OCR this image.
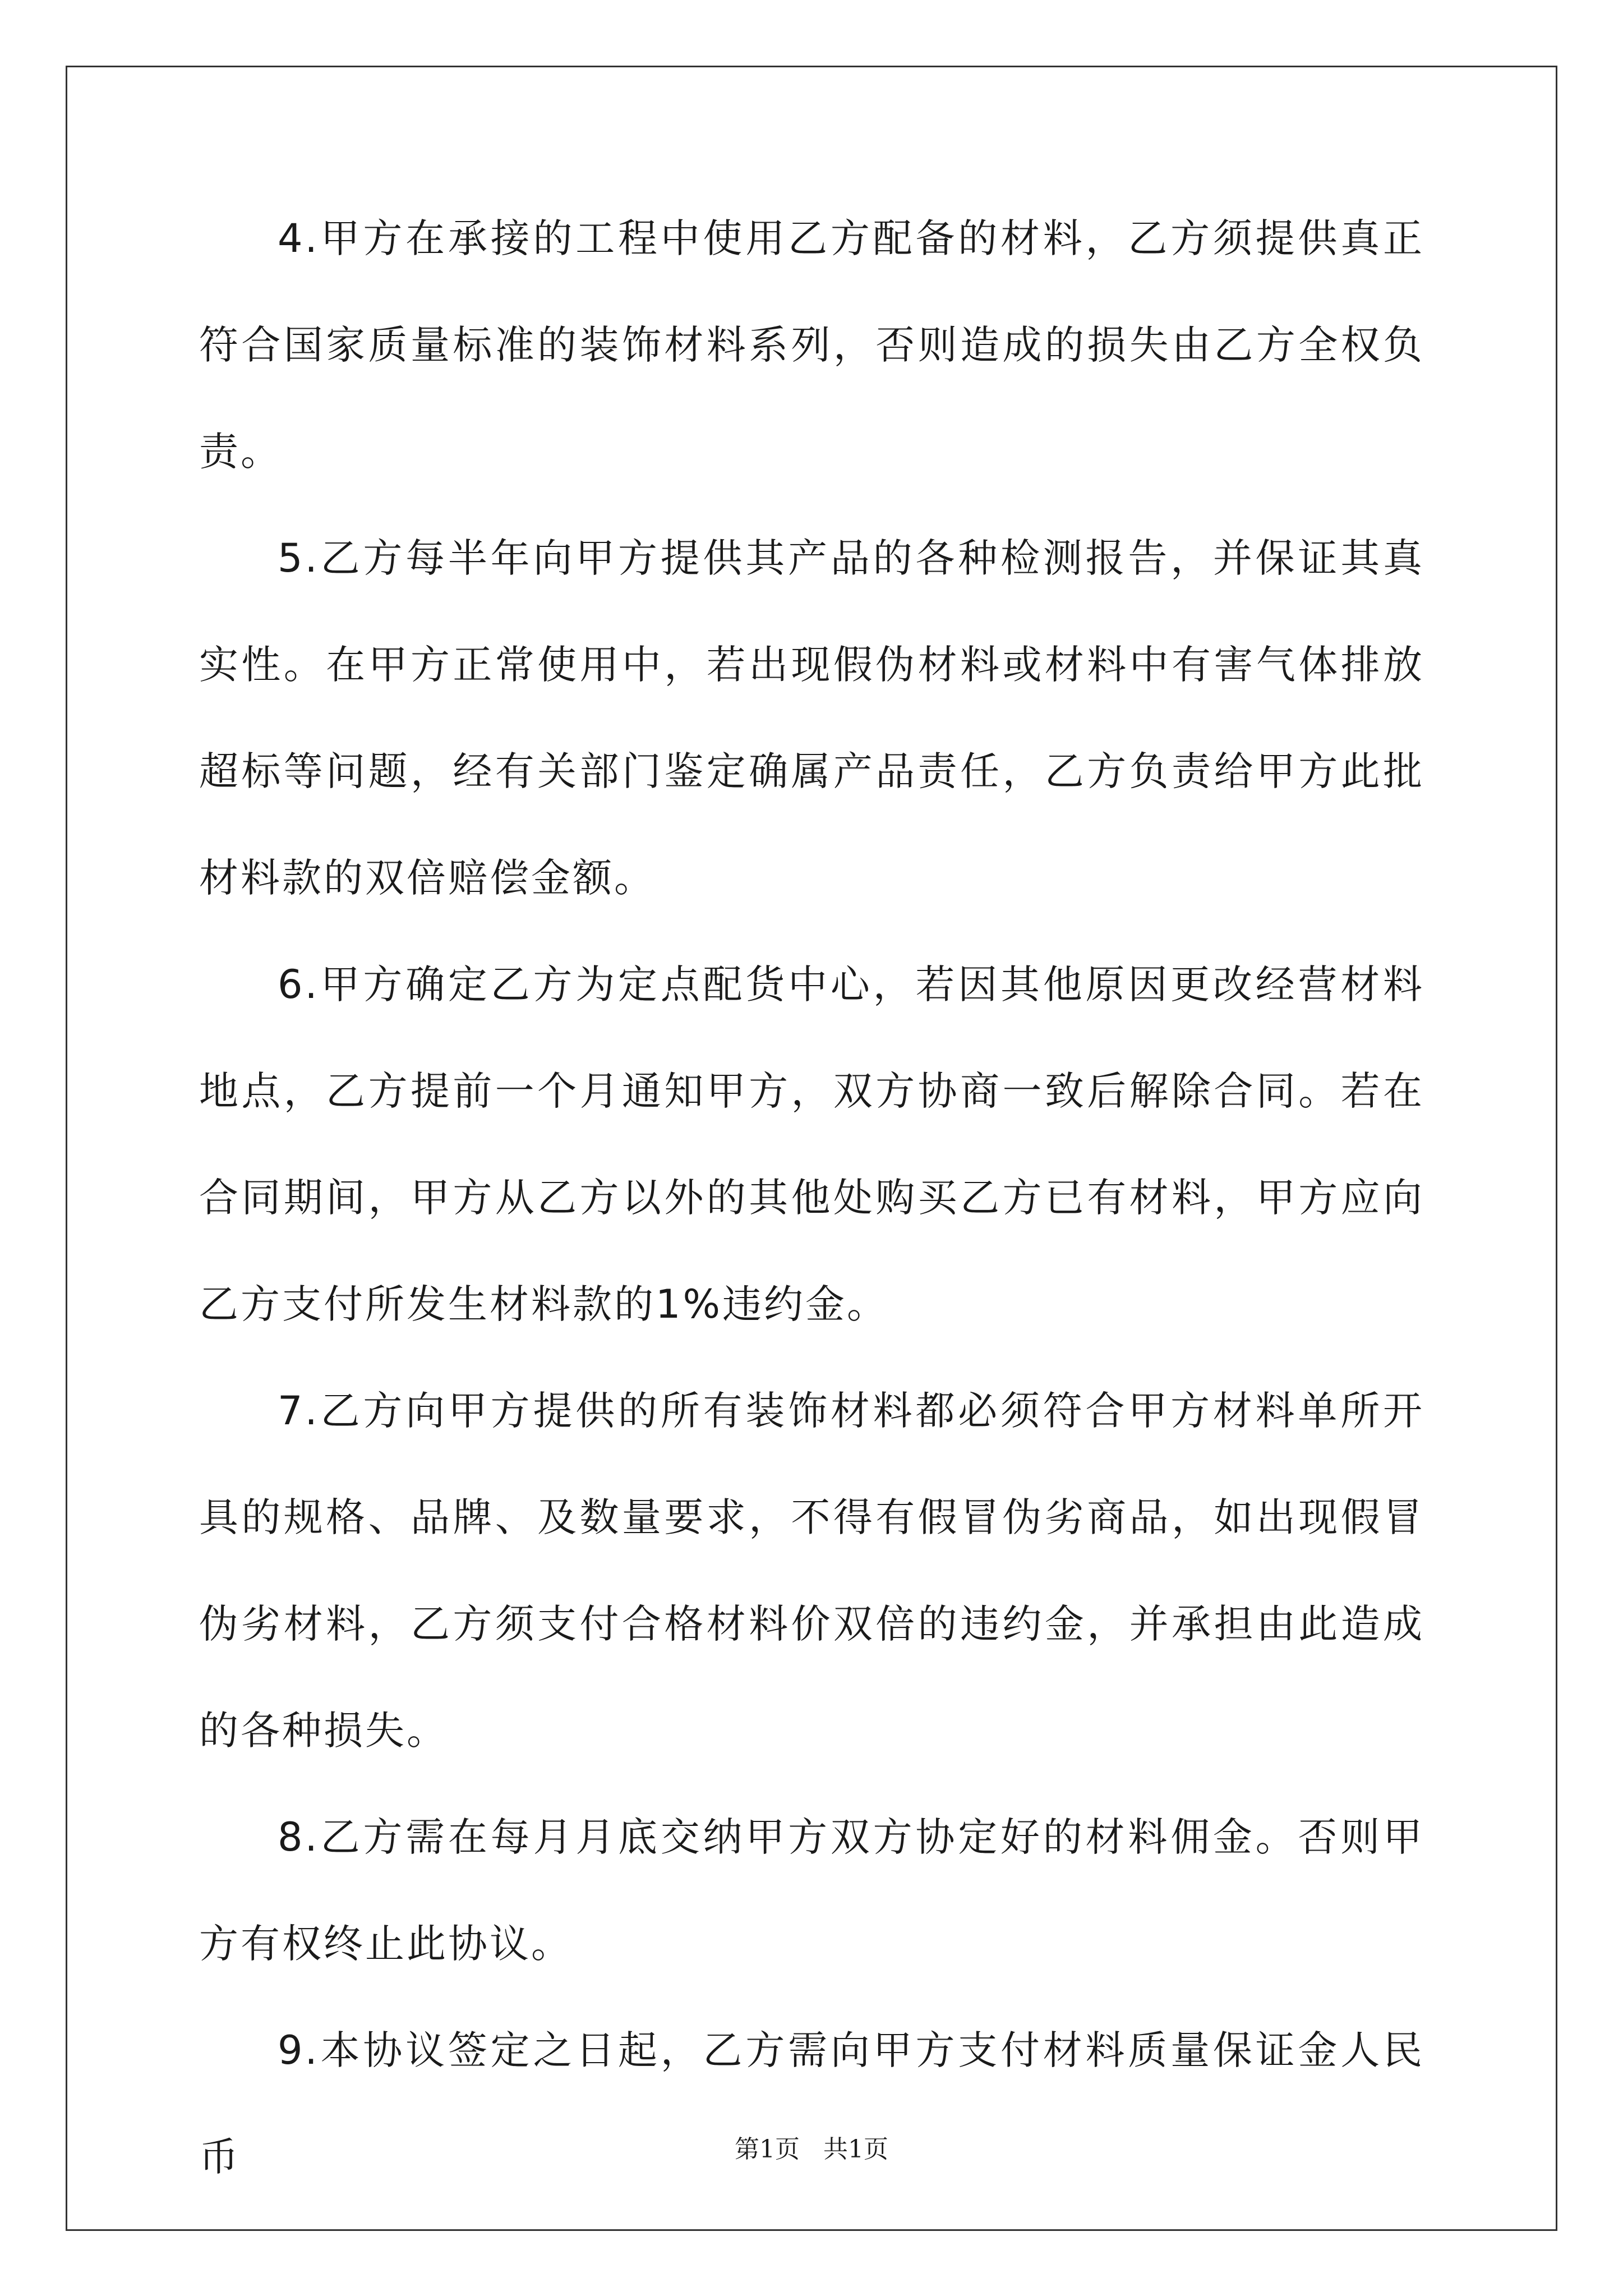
4.甲方在承接的工程中使用乙方配备的材料，乙方须提供真正符合国家质量标准的装饰材料系列，否则造成的损失由乙方全权负责。

5.乙方每半年向甲方提供其产品的各种检测报告，并保证其真实性。在甲方正常使用中，若出现假伪材料或材料中有害气体排放超标等问题，经有关部门鉴定确属产品责任，乙方负责给甲方此批材料款的双倍赔偿金额。

6.甲方确定乙方为定点配货中心，若因其他原因更改经营材料地点，乙方提前一个月通知甲方，双方协商一致后解除合同。若在合同期间，甲方从乙方以外的其他处购买乙方已有材料，甲方应向乙方支付所发生材料款的1%违约金。

7.乙方向甲方提供的所有装饰材料都必须符合甲方材料单所开具的规格、品牌、及数量要求，不得有假冒伪劣商品，如出现假冒伪劣材料，乙方须支付合格材料价双倍的违约金，并承担由此造成的各种损失。

8.乙方需在每月月底交纳甲方双方协定好的材料佣金。否则甲方有权终止此协议。

9.本协议签定之日起，乙方需向甲方支付材料质量保证金人民币	第1页   共1页
